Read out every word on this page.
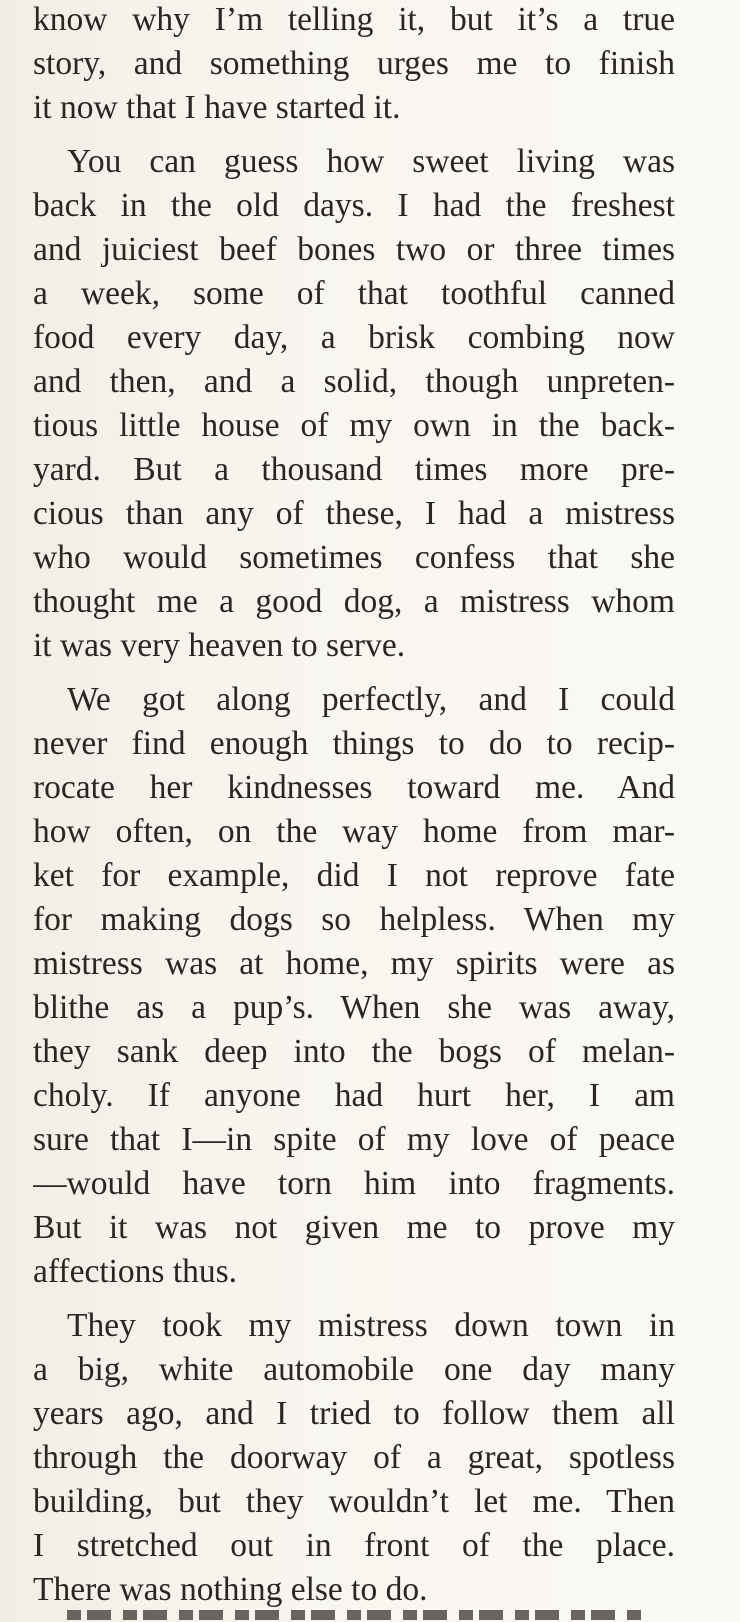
know why I’m telling it, but it’s a true
story, and something urges me to finish
it now that I have started it.

You can guess how sweet living was
back in the old days. I had the freshest
and juiciest beef bones two or three times
a week, some of that toothful canned
food every day, a brisk combing now
and then, and a solid, though unpreten-
tious little house of my own in the back-
yard. But a thousand times more pre-
cious than any of these, I had a mistress
who would sometimes confess that she
thought me a good dog, a mistress whom
it was very heaven to serve.

We got along perfectly, and I could
never find enough things to do to recip-
rocate her kindnesses toward me. And
how often, on the way home from mar-
ket for example, did I not reprove fate
for making dogs so helpless. When my
mistress was at home, my spirits were as
blithe as a pup’s. When she was away,
they sank deep into the bogs of melan-
choly. If anyone had hurt her, I am
sure that I—in spite of my love of peace
—would have torn him into fragments.
But it was not given me to prove my
affections thus.

They took my mistress down town in
a big, white automobile one day many
years ago, and I tried to follow them all
through the doorway of a great, spotless
building, but they wouldn’t let me. Then
I stretched out in front of the place.
There was nothing else to do.
